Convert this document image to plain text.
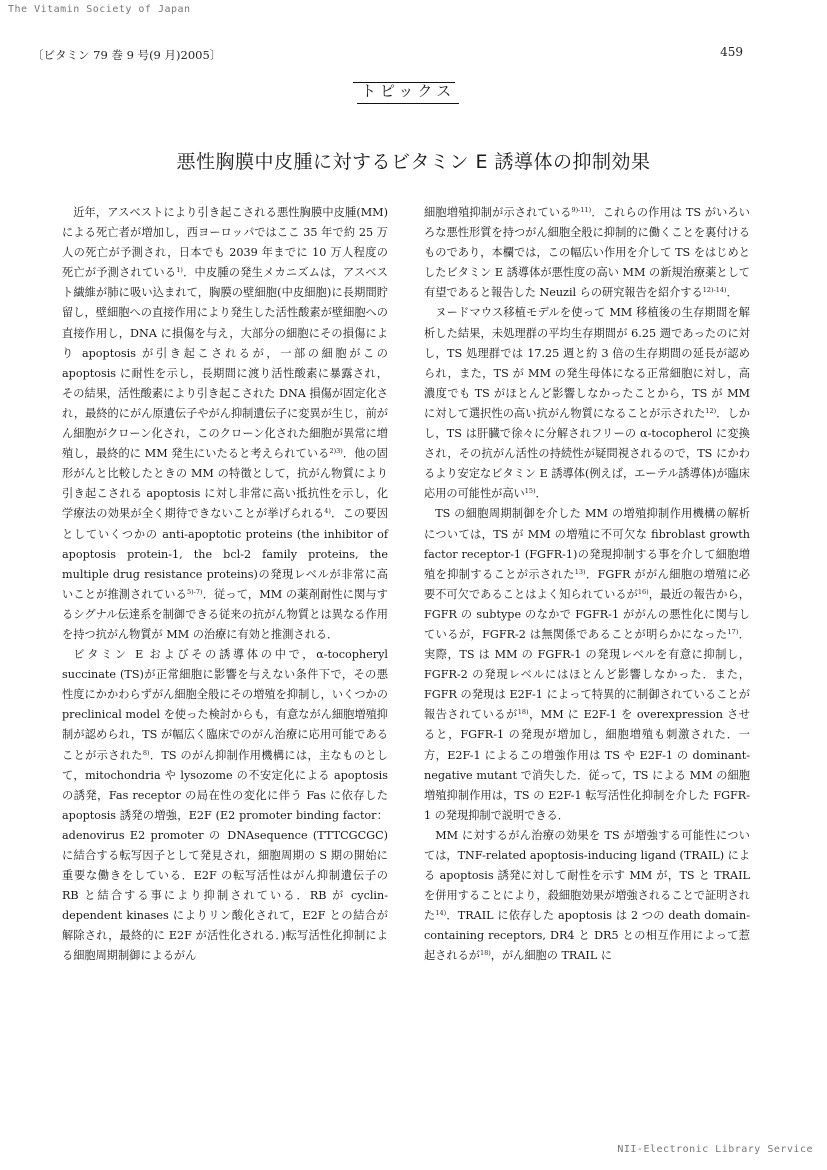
The Vitamin Society of Japan
〔ビタミン 79 巻 9 号(9 月)2005〕	459
トピックス
悪性胸膜中皮腫に対するビタミン E 誘導体の抑制効果

近年，アスベストにより引き起こされる悪性胸膜中皮腫(MM)による死亡者が増加し，西ヨーロッパではここ 35 年で約 25 万人の死亡が予測され，日本でも 2039 年までに 10 万人程度の死亡が予測されている$^{1)}$．中皮腫の発生メカニズムは，アスベスト繊維が肺に吸い込まれて，胸膜の壁細胞(中皮細胞)に長期間貯留し，壁細胞への直接作用により発生した活性酸素が壁細胞への直接作用し，DNA に損傷を与え，大部分の細胞にその損傷により apoptosis が引き起こされるが，一部の細胞がこの apoptosis に耐性を示し，長期間に渡り活性酸素に暴露され，その結果，活性酸素により引き起こされた DNA 損傷が固定化され，最終的にがん原遺伝子やがん抑制遺伝子に変異が生じ，前がん細胞がクローン化され，このクローン化された細胞が異常に増殖し，最終的に MM 発生にいたると考えられている$^{2)3)}$．他の固形がんと比較したときの MM の特徴として，抗がん物質により引き起こされる apoptosis に対し非常に高い抵抗性を示し，化学療法の効果が全く期待できないことが挙げられる$^{4)}$．この要因としていくつかの anti-apoptotic proteins (the inhibitor of apoptosis protein-1, the bcl-2 family proteins, the multiple drug resistance proteins)の発現レベルが非常に高いことが推測されている$^{5)-7)}$．従って，MM の薬剤耐性に関与するシグナル伝達系を制御できる従来の抗がん物質とは異なる作用を持つ抗がん物質が MM の治療に有効と推測される．

ビタミン E およびその誘導体の中で，α-tocopheryl succinate (TS)が正常細胞に影響を与えない条件下で，その悪性度にかかわらずがん細胞全般にその増殖を抑制し，いくつかの preclinical model を使った検討からも，有意ながん細胞増殖抑制が認められ，TS が幅広く臨床でのがん治療に応用可能であることが示された$^{8)}$．TS のがん抑制作用機構には，主なものとして，mitochondria や lysozome の不安定化による apoptosis の誘発，Fas receptor の局在性の変化に伴う Fas に依存した apoptosis 誘発の増強，E2F (E2 promoter binding factor：adenovirus E2 promoter の DNAsequence (TTTCGCGC)に結合する転写因子として発見され，細胞周期の S 期の開始に重要な働きをしている．E2F の転写活性はがん抑制遺伝子の RB と結合する事により抑制されている．RB が cyclin-dependent kinases によりリン酸化されて，E2F との結合が解除され，最終的に E2F が活性化される．)転写活性化抑制による細胞周期制御によるがん

細胞増殖抑制が示されている$^{9)-11)}$．これらの作用は TS がいろいろな悪性形質を持つがん細胞全般に抑制的に働くことを裏付けるものであり，本欄では，この幅広い作用を介して TS をはじめとしたビタミン E 誘導体が悪性度の高い MM の新規治療薬として有望であると報告した Neuzil らの研究報告を紹介する$^{12)-14)}$．

ヌードマウス移植モデルを使って MM 移植後の生存期間を解析した結果，未処理群の平均生存期間が 6.25 週であったのに対し，TS 処理群では 17.25 週と約 3 倍の生存期間の延長が認められ，また，TS が MM の発生母体になる正常細胞に対し，高濃度でも TS がほとんど影響しなかったことから，TS が MM に対して選択性の高い抗がん物質になることが示された$^{12)}$．しかし，TS は肝臓で徐々に分解されフリーの α-tocopherol に変換され，その抗がん活性の持続性が疑問視されるので，TS にかわるより安定なビタミン E 誘導体(例えば，エーテル誘導体)が臨床応用の可能性が高い$^{15)}$．

TS の細胞周期制御を介した MM の増殖抑制作用機構の解析については，TS が MM の増殖に不可欠な fibroblast growth factor receptor-1 (FGFR-1)の発現抑制する事を介して細胞増殖を抑制することが示された$^{13)}$．FGFR ががん細胞の増殖に必要不可欠であることはよく知られているが$^{16)}$，最近の報告から，FGFR の subtype のなかで FGFR-1 ががんの悪性化に関与しているが，FGFR-2 は無関係であることが明らかになった$^{17)}$．実際，TS は MM の FGFR-1 の発現レベルを有意に抑制し，FGFR-2 の発現レベルにはほとんど影響しなかった．また，FGFR の発現は E2F-1 によって特異的に制御されていることが報告されているが$^{18)}$，MM に E2F-1 を overexpression させると，FGFR-1 の発現が増加し，細胞増殖も刺激された．一方，E2F-1 によるこの増強作用は TS や E2F-1 の dominant-negative mutant で消失した．従って，TS による MM の細胞増殖抑制作用は，TS の E2F-1 転写活性化抑制を介した FGFR-1 の発現抑制で説明できる．

MM に対するがん治療の効果を TS が増強する可能性については，TNF-related apoptosis-inducing ligand (TRAIL) による apoptosis 誘発に対して耐性を示す MM が，TS と TRAIL を併用することにより，殺細胞効果が増強されることで証明された$^{14)}$．TRAIL に依存した apoptosis は 2 つの death domain-containing receptors, DR4 と DR5 との相互作用によって惹起されるが$^{18)}$，がん細胞の TRAIL に

NII-Electronic Library Service
